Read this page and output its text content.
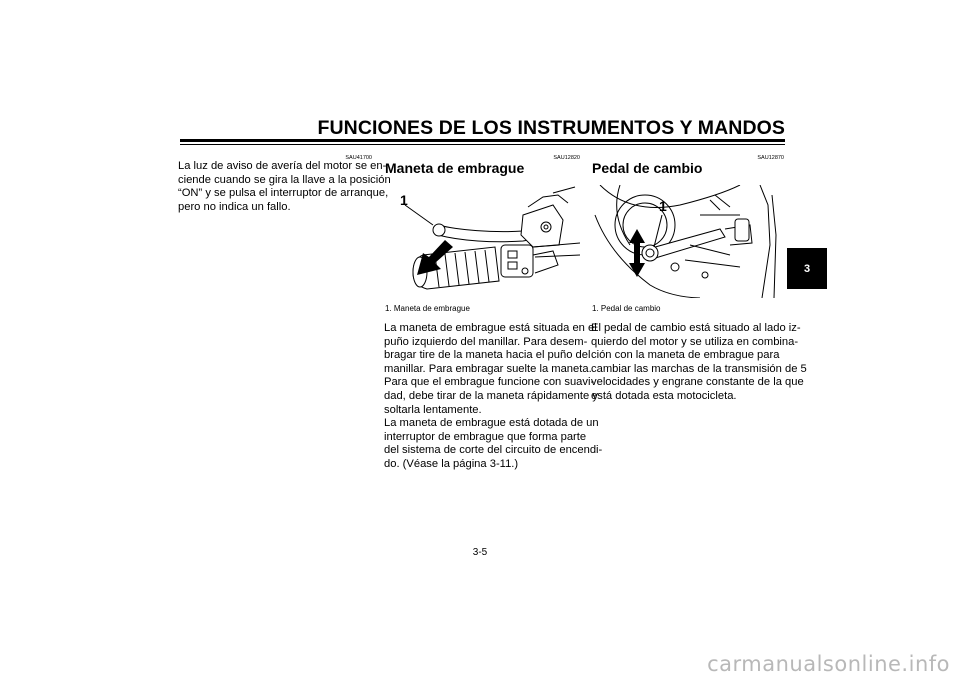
FUNCIONES DE LOS INSTRUMENTOS Y MANDOS
SAU41700
La luz de aviso de avería del motor se en-
ciende cuando se gira la llave a la posición
“ON” y se pulsa el interruptor de arranque,
pero no indica un fallo.
SAU12820
Maneta de embrague
1
1. Maneta de embrague
La maneta de embrague está situada en el
puño izquierdo del manillar. Para desem-
bragar tire de la maneta hacia el puño del
manillar. Para embragar suelte la maneta.
Para que el embrague funcione con suavi-
dad, debe tirar de la maneta rápidamente y
soltarla lentamente.
La maneta de embrague está dotada de un
interruptor de embrague que forma parte
del sistema de corte del circuito de encendi-
do. (Véase la página 3-11.)
SAU12870
Pedal de cambio
1
1. Pedal de cambio
El pedal de cambio está situado al lado iz-
quierdo del motor y se utiliza en combina-
ción con la maneta de embrague para
cambiar las marchas de la transmisión de 5
velocidades y engrane constante de la que
está dotada esta motocicleta.
3
3-5
carmanualsonline.info
